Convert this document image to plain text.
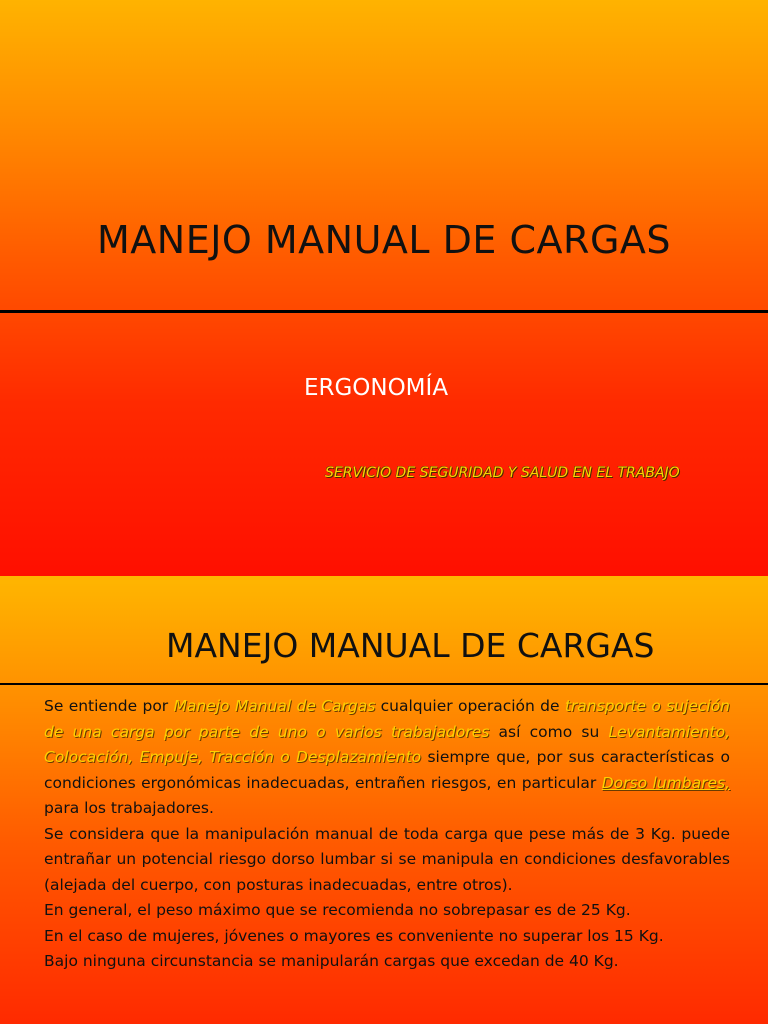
MANEJO MANUAL DE CARGAS
ERGONOMÍA
SERVICIO DE SEGURIDAD Y SALUD EN EL TRABAJO
MANEJO MANUAL DE CARGAS
Se entiende por Manejo Manual de Cargas cualquier operación de transporte o sujeción de una carga por parte de uno o varios trabajadores así como su Levantamiento, Colocación, Empuje, Tracción o Desplazamiento siempre que, por sus características o condiciones ergonómicas inadecuadas, entrañen riesgos, en particular Dorso lumbares, para los trabajadores.
Se considera que la manipulación manual de toda carga que pese más de 3 Kg. puede entrañar un potencial riesgo dorso lumbar si se manipula en condiciones desfavorables (alejada del cuerpo, con posturas inadecuadas, entre otros).
En general, el peso máximo que se recomienda no sobrepasar es de 25 Kg.
En el caso de mujeres, jóvenes o mayores es conveniente no superar los 15 Kg.
Bajo ninguna circunstancia se manipularán cargas que excedan de 40 Kg.
